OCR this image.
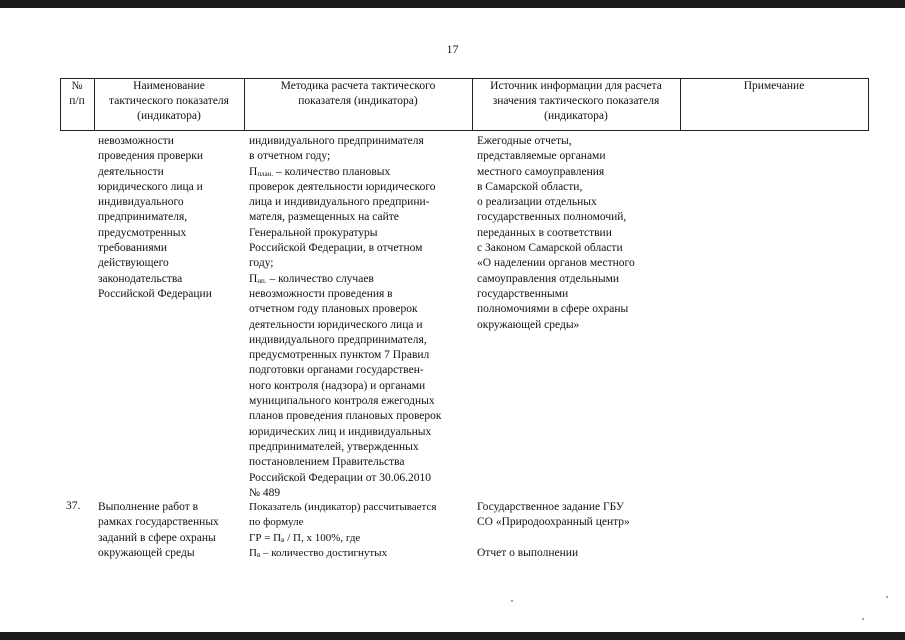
17
№
п/п
Наименование
тактического показателя
(индикатора)
Методика расчета тактического
показателя (индикатора)
Источник информации для расчета
значения тактического показателя
(индикатора)
Примечание
невозможности
проведения проверки
деятельности
юридического лица и
индивидуального
предпринимателя,
предусмотренных
требованиями
действующего
законодательства
Российской Федерации
индивидуального предпринимателя
в отчетном году;
$П_{план.}$ – количество плановых
проверок деятельности юридического
лица и индивидуального предприни-
мателя, размещенных на сайте
Генеральной прокуратуры
Российской Федерации, в отчетном
году;
$П_{нп.}$ – количество случаев
невозможности проведения в
отчетном году плановых проверок
деятельности юридического лица и
индивидуального предпринимателя,
предусмотренных пунктом 7 Правил
подготовки органами государствен-
ного контроля (надзора) и органами
муниципального контроля ежегодных
планов проведения плановых проверок
юридических лиц и индивидуальных
предпринимателей, утвержденных
постановлением Правительства
Российской Федерации от 30.06.2010
№ 489
Ежегодные отчеты,
представляемые органами
местного самоуправления
в Самарской области,
о реализации отдельных
государственных полномочий,
переданных в соответствии
с Законом Самарской области
«О наделении органов местного
самоуправления отдельными
государственными
полномочиями в сфере охраны
окружающей среды»
37. Выполнение работ в
рамках государственных
заданий в сфере охраны
окружающей среды
Показатель (индикатор) рассчитывается
по формуле
ГР = $П_в$ / П, х 100%, где
$П_в$ – количество достигнутых
Государственное задание ГБУ
СО «Природоохранный центр»
Отчет о выполнении
